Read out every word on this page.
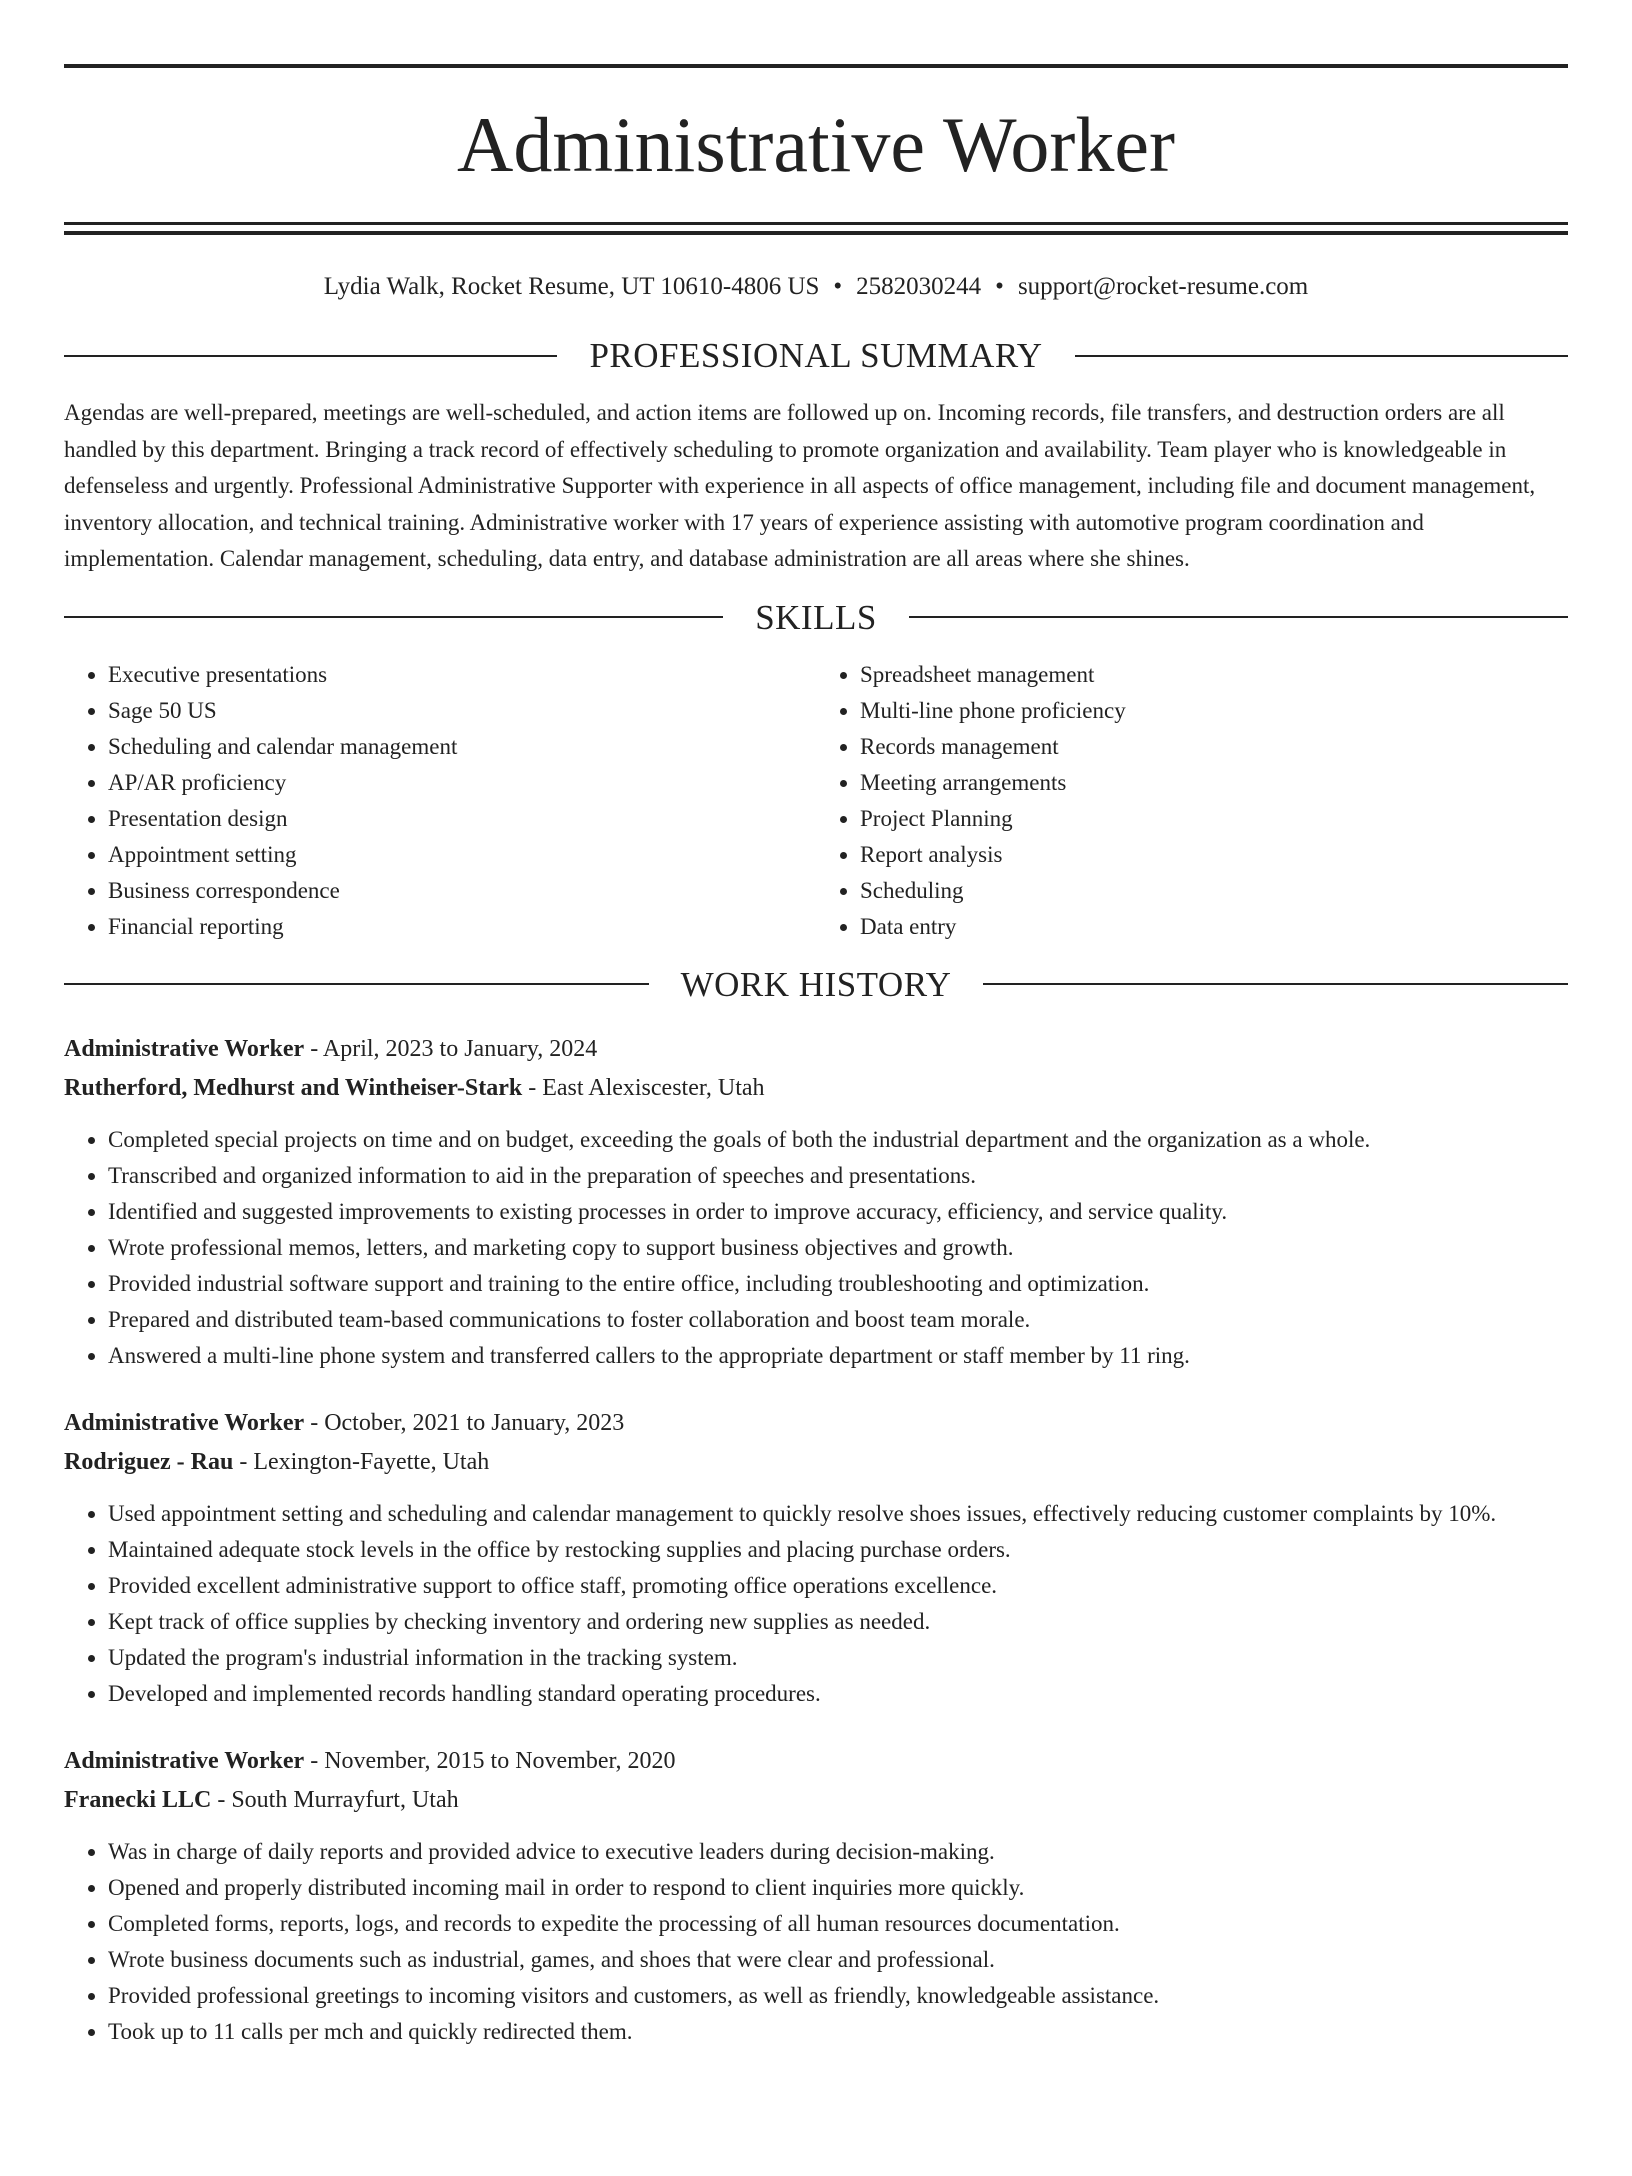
Administrative Worker
Lydia Walk, Rocket Resume, UT 10610-4806 US • 2582030244 • support@rocket-resume.com
PROFESSIONAL SUMMARY

Agendas are well-prepared, meetings are well-scheduled, and action items are followed up on. Incoming records, file transfers, and destruction orders are all handled by this department. Bringing a track record of effectively scheduling to promote organization and availability. Team player who is knowledgeable in defenseless and urgently. Professional Administrative Supporter with experience in all aspects of office management, including file and document management, inventory allocation, and technical training. Administrative worker with 17 years of experience assisting with automotive program coordination and implementation. Calendar management, scheduling, data entry, and database administration are all areas where she shines.

SKILLS
• Executive presentations
• Sage 50 US
• Scheduling and calendar management
• AP/AR proficiency
• Presentation design
• Appointment setting
• Business correspondence
• Financial reporting
• Spreadsheet management
• Multi-line phone proficiency
• Records management
• Meeting arrangements
• Project Planning
• Report analysis
• Scheduling
• Data entry
WORK HISTORY
Administrative Worker - April, 2023 to January, 2024
Rutherford, Medhurst and Wintheiser-Stark - East Alexiscester, Utah
• Completed special projects on time and on budget, exceeding the goals of both the industrial department and the organization as a whole.
• Transcribed and organized information to aid in the preparation of speeches and presentations.
• Identified and suggested improvements to existing processes in order to improve accuracy, efficiency, and service quality.
• Wrote professional memos, letters, and marketing copy to support business objectives and growth.
• Provided industrial software support and training to the entire office, including troubleshooting and optimization.
• Prepared and distributed team-based communications to foster collaboration and boost team morale.
• Answered a multi-line phone system and transferred callers to the appropriate department or staff member by 11 ring.
Administrative Worker - October, 2021 to January, 2023
Rodriguez - Rau - Lexington-Fayette, Utah
• Used appointment setting and scheduling and calendar management to quickly resolve shoes issues, effectively reducing customer complaints by 10%.
• Maintained adequate stock levels in the office by restocking supplies and placing purchase orders.
• Provided excellent administrative support to office staff, promoting office operations excellence.
• Kept track of office supplies by checking inventory and ordering new supplies as needed.
• Updated the program's industrial information in the tracking system.
• Developed and implemented records handling standard operating procedures.
Administrative Worker - November, 2015 to November, 2020
Franecki LLC - South Murrayfurt, Utah
• Was in charge of daily reports and provided advice to executive leaders during decision-making.
• Opened and properly distributed incoming mail in order to respond to client inquiries more quickly.
• Completed forms, reports, logs, and records to expedite the processing of all human resources documentation.
• Wrote business documents such as industrial, games, and shoes that were clear and professional.
• Provided professional greetings to incoming visitors and customers, as well as friendly, knowledgeable assistance.
• Took up to 11 calls per mch and quickly redirected them.
